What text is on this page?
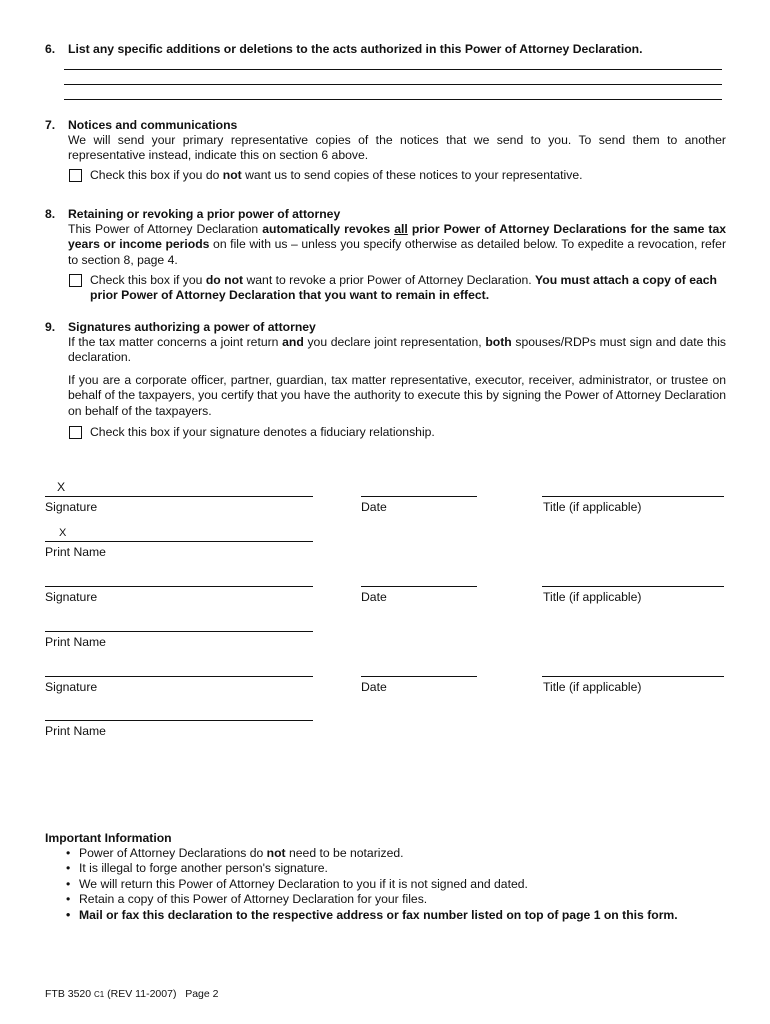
6. List any specific additions or deletions to the acts authorized in this Power of Attorney Declaration.
7. Notices and communications
We will send your primary representative copies of the notices that we send to you. To send them to another representative instead, indicate this on section 6 above.
Check this box if you do not want us to send copies of these notices to your representative.
8. Retaining or revoking a prior power of attorney
This Power of Attorney Declaration automatically revokes all prior Power of Attorney Declarations for the same tax years or income periods on file with us – unless you specify otherwise as detailed below. To expedite a revocation, refer to section 8, page 4.
Check this box if you do not want to revoke a prior Power of Attorney Declaration. You must attach a copy of each prior Power of Attorney Declaration that you want to remain in effect.
9. Signatures authorizing a power of attorney
If the tax matter concerns a joint return and you declare joint representation, both spouses/RDPs must sign and date this declaration.
If you are a corporate officer, partner, guardian, tax matter representative, executor, receiver, administrator, or trustee on behalf of the taxpayers, you certify that you have the authority to execute this by signing the Power of Attorney Declaration on behalf of the taxpayers.
Check this box if your signature denotes a fiduciary relationship.
X
Signature	Date	Title (if applicable)
X
Print Name
Signature	Date	Title (if applicable)
Print Name
Signature	Date	Title (if applicable)
Print Name
Important Information
• Power of Attorney Declarations do not need to be notarized.
• It is illegal to forge another person's signature.
• We will return this Power of Attorney Declaration to you if it is not signed and dated.
• Retain a copy of this Power of Attorney Declaration for your files.
• Mail or fax this declaration to the respective address or fax number listed on top of page 1 on this form.
FTB 3520 C1 (REV 11-2007) Page 2
